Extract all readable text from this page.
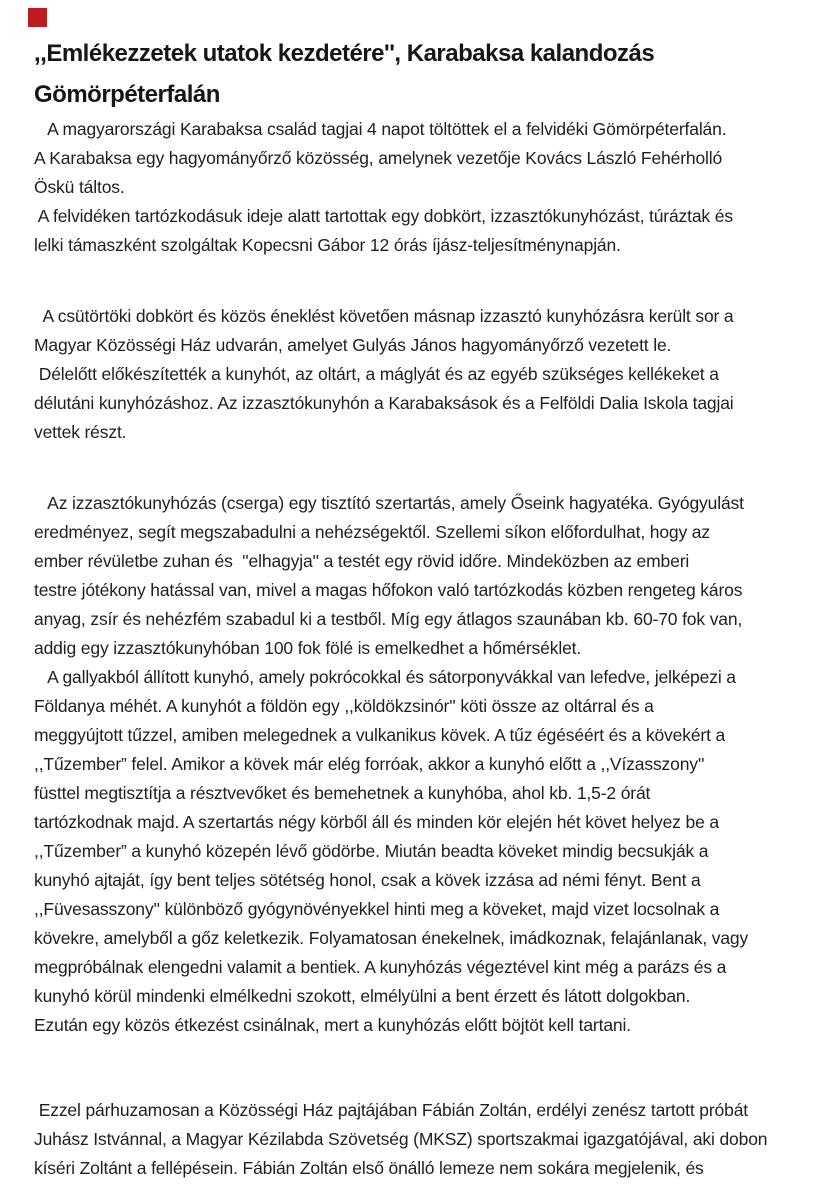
,,Emlékezzetek utatok kezdetére'', Karabaksa kalandozás
Gömörpéterfalán
A magyarországi Karabaksa család tagjai 4 napot töltöttek el a felvidéki Gömörpéterfalán.
A Karabaksa egy hagyományőrző közösség, amelynek vezetője Kovács László Fehérholló
Öskü táltos.
A felvidéken tartózkodásuk ideje alatt tartottak egy dobkört, izzasztókunyhózást, túráztak és
lelki támaszként szolgáltak Kopecsni Gábor 12 órás íjász-teljesítménynapján.
A csütörtöki dobkört és közös éneklést követően másnap izzasztó kunyhózásra került sor a
Magyar Közösségi Ház udvarán, amelyet Gulyás János hagyományőrző vezetett le.
Délelőtt előkészítették a kunyhót, az oltárt, a máglyát és az egyéb szükséges kellékeket a
délutáni kunyhózáshoz. Az izzasztókunyhón a Karabaksások és a Felföldi Dalia Iskola tagjai
vettek részt.
Az izzasztókunyhózás (cserga) egy tisztító szertartás, amely Őseink hagyatéka. Gyógyulást
eredményez, segít megszabadulni a nehézségektől. Szellemi síkon előfordulhat, hogy az
ember révületbe zuhan és  ''elhagyja'' a testét egy rövid időre. Mindeközben az emberi
testre jótékony hatással van, mivel a magas hőfokon való tartózkodás közben rengeteg káros
anyag, zsír és nehézfém szabadul ki a testből. Míg egy átlagos szaunában kb. 60-70 fok van,
addig egy izzasztókunyhóban 100 fok fölé is emelkedhet a hőmérséklet.
A gallyakból állított kunyhó, amely pokrócokkal és sátorponyvákkal van lefedve, jelképezi a
Földanya méhét. A kunyhót a földön egy ,,köldökzsinór'' köti össze az oltárral és a
meggyújtott tűzzel, amiben melegednek a vulkanikus kövek. A tűz égéséért és a kövekért a
,,Tűzember” felel. Amikor a kövek már elég forróak, akkor a kunyhó előtt a ,,Vízasszony''
füsttel megtisztítja a résztvevőket és bemehetnek a kunyhóba, ahol kb. 1,5-2 órát
tartózkodnak majd. A szertartás négy körből áll és minden kör elején hét követ helyez be a
,,Tűzember” a kunyhó közepén lévő gödörbe. Miután beadta köveket mindig becsukják a
kunyhó ajtaját, így bent teljes sötétség honol, csak a kövek izzása ad némi fényt. Bent a
,,Füvesasszony'' különböző gyógynövényekkel hinti meg a köveket, majd vizet locsolnak a
kövekre, amelyből a gőz keletkezik. Folyamatosan énekelnek, imádkoznak, felajánlanak, vagy
megpróbálnak elengedni valamit a bentiek. A kunyhózás végeztével kint még a parázs és a
kunyhó körül mindenki elmélkedni szokott, elmélyülni a bent érzett és látott dolgokban.
Ezután egy közös étkezést csinálnak, mert a kunyhózás előtt böjtöt kell tartani.
Ezzel párhuzamosan a Közösségi Ház pajtájában Fábián Zoltán, erdélyi zenész tartott próbát
Juhász Istvánnal, a Magyar Kézilabda Szövetség (MKSZ) sportszakmai igazgatójával, aki dobon
kíséri Zoltánt a fellépésein. Fábián Zoltán első önálló lemeze nem sokára megjelenik, és
